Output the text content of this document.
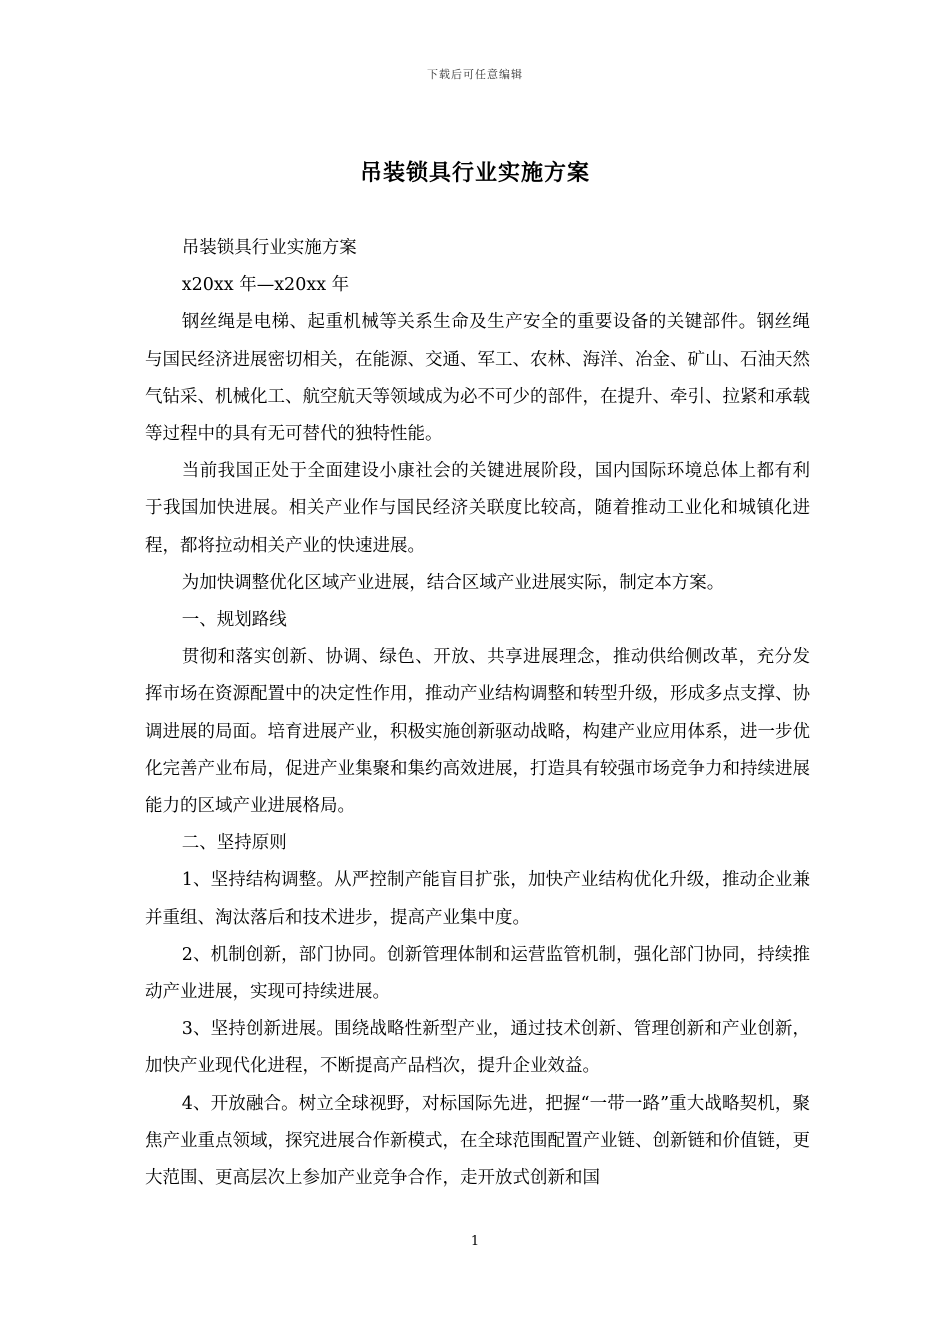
下载后可任意编辑
吊装锁具行业实施方案

吊装锁具行业实施方案

x20xx 年—x20xx 年

钢丝绳是电梯、起重机械等关系生命及生产安全的重要设备的关键部件。钢丝绳与国民经济进展密切相关，在能源、交通、军工、农林、海洋、冶金、矿山、石油天然气钻采、机械化工、航空航天等领域成为必不可少的部件，在提升、牵引、拉紧和承载等过程中的具有无可替代的独特性能。

当前我国正处于全面建设小康社会的关键进展阶段，国内国际环境总体上都有利于我国加快进展。相关产业作与国民经济关联度比较高，随着推动工业化和城镇化进程，都将拉动相关产业的快速进展。

为加快调整优化区域产业进展，结合区域产业进展实际，制定本方案。

一、规划路线

贯彻和落实创新、协调、绿色、开放、共享进展理念，推动供给侧改革，充分发挥市场在资源配置中的决定性作用，推动产业结构调整和转型升级，形成多点支撑、协调进展的局面。培育进展产业，积极实施创新驱动战略，构建产业应用体系，进一步优化完善产业布局，促进产业集聚和集约高效进展，打造具有较强市场竞争力和持续进展能力的区域产业进展格局。

二、坚持原则

1、坚持结构调整。从严控制产能盲目扩张，加快产业结构优化升级，推动企业兼并重组、淘汰落后和技术进步，提高产业集中度。

2、机制创新，部门协同。创新管理体制和运营监管机制，强化部门协同，持续推动产业进展，实现可持续进展。

3、坚持创新进展。围绕战略性新型产业，通过技术创新、管理创新和产业创新，加快产业现代化进程，不断提高产品档次，提升企业效益。

4、开放融合。树立全球视野，对标国际先进，把握“一带一路”重大战略契机，聚焦产业重点领域，探究进展合作新模式，在全球范围配置产业链、创新链和价值链，更大范围、更高层次上参加产业竞争合作，走开放式创新和国

1
